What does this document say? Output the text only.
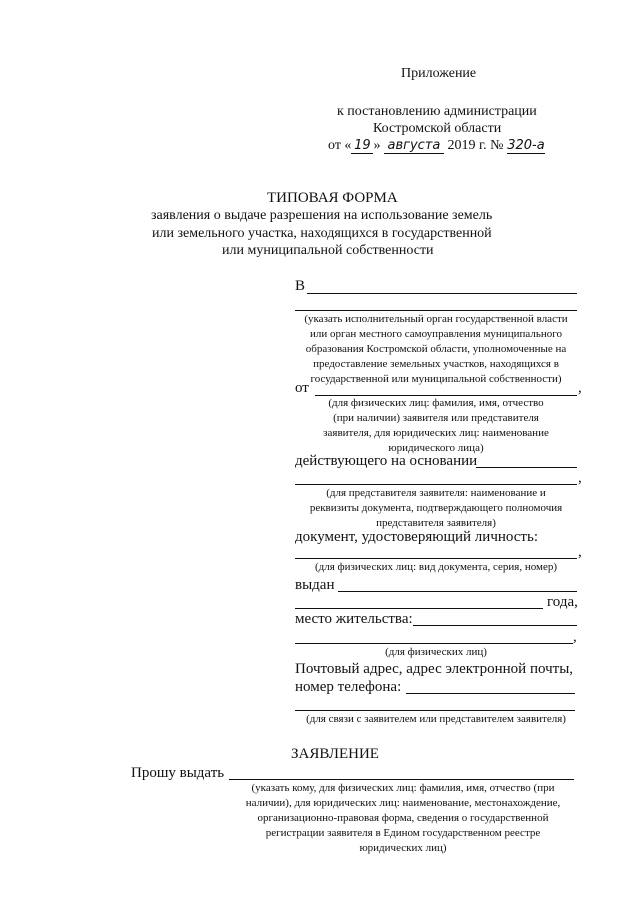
Приложение
к постановлению администрации
Костромской области
от « 19 » августа 2019 г. № 320-а
ТИПОВАЯ ФОРМА
заявления о выдаче разрешения на использование земель
или земельного участка, находящихся в государственной
или муниципальной собственности
В
(указать исполнительный орган государственной власти
или орган местного самоуправления муниципального
образования Костромской области, уполномоченные на
предоставление земельных участков, находящихся в
государственной или муниципальной собственности)
от	,
(для физических лиц: фамилия, имя, отчество
(при наличии) заявителя или представителя
заявителя, для юридических лиц: наименование
юридического лица)
действующего на основании
,
(для представителя заявителя: наименование и
реквизиты документа, подтверждающего полномочия
представителя заявителя)
документ, удостоверяющий личность:
,
(для физических лиц: вид документа, серия, номер)
выдан
года,
место жительства:
,
(для физических лиц)
Почтовый адрес, адрес электронной почты,
номер телефона:
(для связи с заявителем или представителем заявителя)
ЗАЯВЛЕНИЕ
Прошу выдать
(указать кому, для физических лиц: фамилия, имя, отчество (при
наличии), для юридических лиц: наименование, местонахождение,
организационно-правовая форма, сведения о государственной
регистрации заявителя в Едином государственном реестре
юридических лиц)
